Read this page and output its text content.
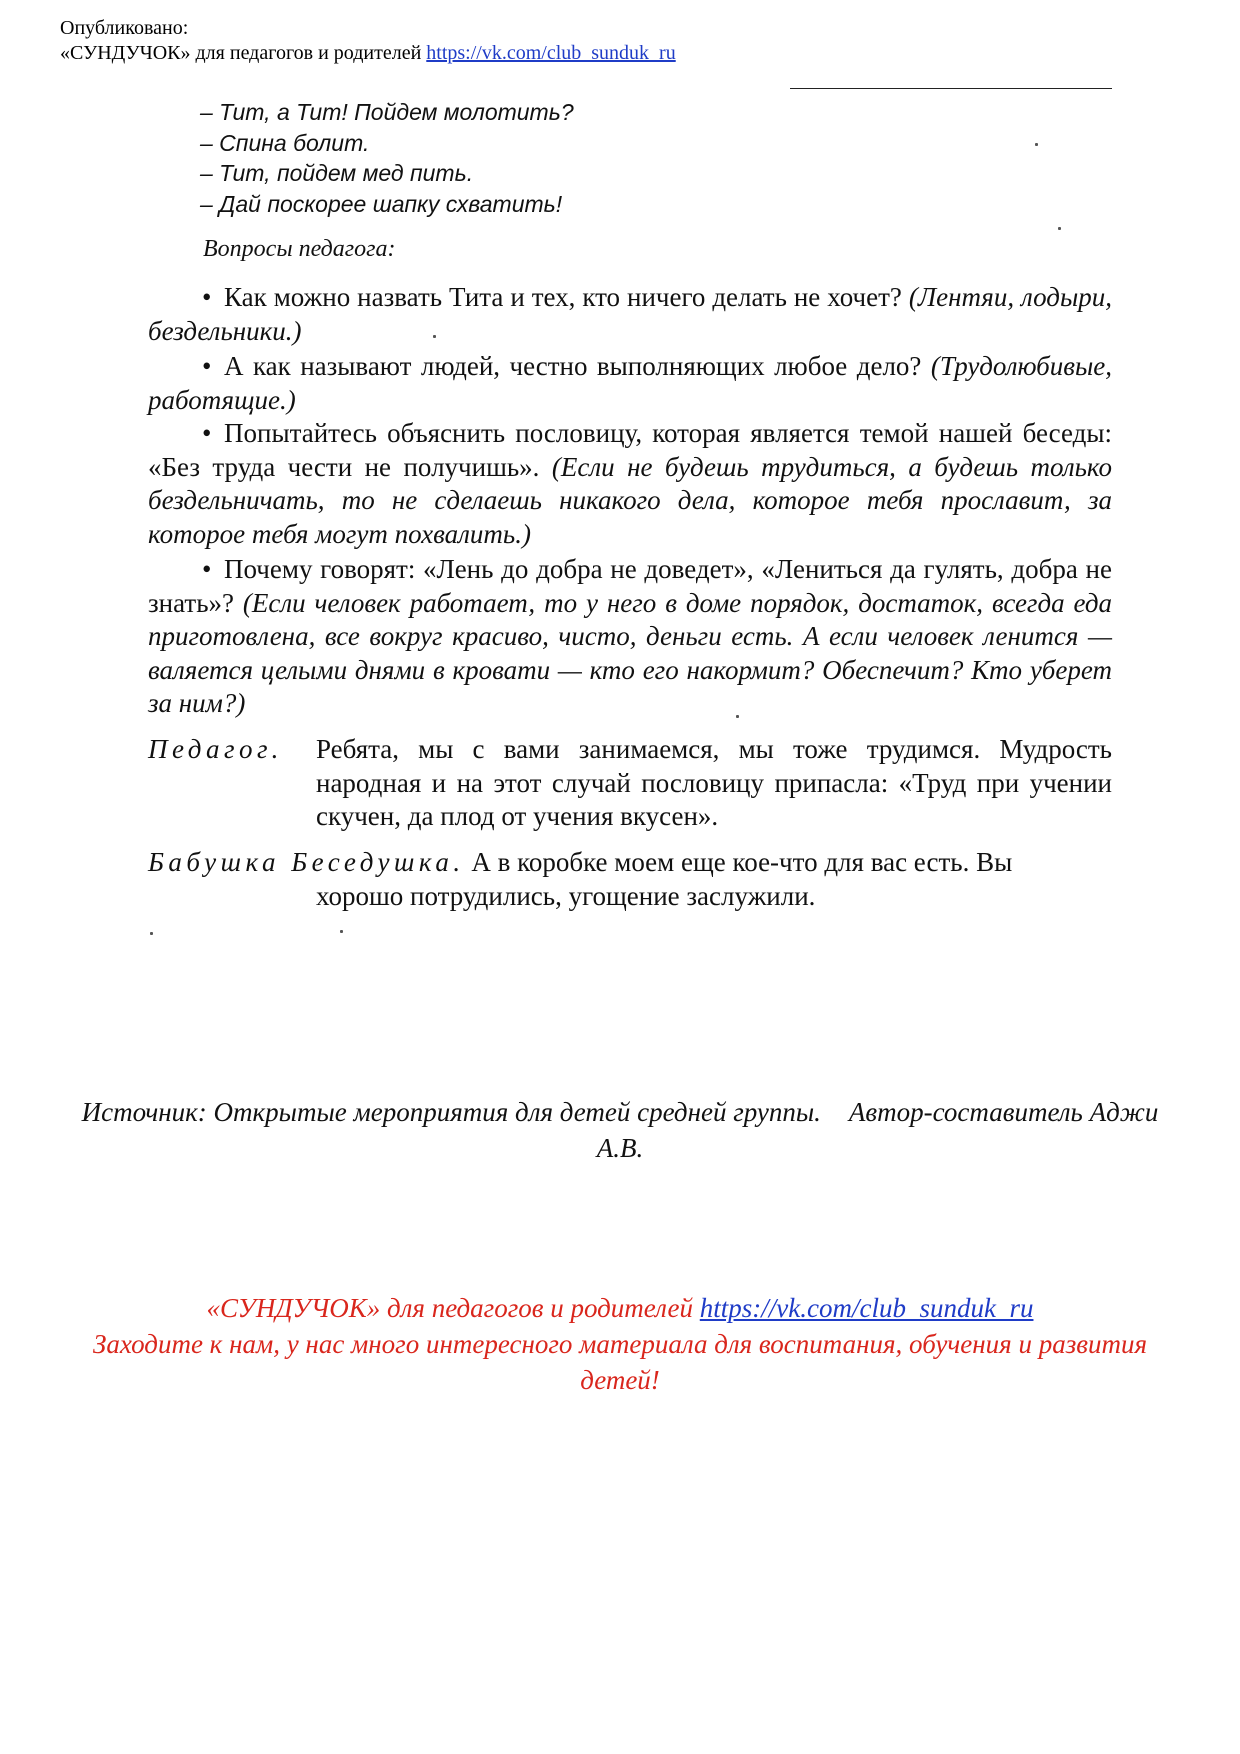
Опубликовано:
«СУНДУЧОК» для педагогов и родителей https://vk.com/club_sunduk_ru
– Тит, а Тит! Пойдем молотить?
– Спина болит.
– Тит, пойдем мед пить.
– Дай поскорее шапку схватить!
Вопросы педагога:

• Как можно назвать Тита и тех, кто ничего делать не хочет? (Лентяи, лодыри, бездельники.)

• А как называют людей, честно выполняющих любое дело? (Трудолюбивые, работящие.)

• Попытайтесь объяснить пословицу, которая является темой нашей беседы: «Без труда чести не получишь». (Если не будешь трудиться, а будешь только бездельничать, то не сделаешь никакого дела, которое тебя прославит, за которое тебя могут похвалить.)

• Почему говорят: «Лень до добра не доведет», «Лениться да гулять, добра не знать»? (Если человек работает, то у него в доме порядок, достаток, всегда еда приготовлена, все вокруг красиво, чисто, деньги есть. А если человек ленится — валяется целыми днями в кровати — кто его накормит? Обеспечит? Кто уберет за ним?)

Педагог.	Ребята, мы с вами занимаемся, мы тоже трудимся. Мудрость народная и на этот случай пословицу припасла: «Труд при учении скучен, да плод от учения вкусен».
Бабушка Беседушка. А в коробке моем еще кое-что для вас есть. Вы
хорошо потрудились, угощение заслужили.
Источник: Открытые мероприятия для детей средней группы. Автор-составитель Аджи А.В.
«СУНДУЧОК» для педагогов и родителей https://vk.com/club_sunduk_ru
Заходите к нам, у нас много интересного материала для воспитания, обучения и развития детей!
